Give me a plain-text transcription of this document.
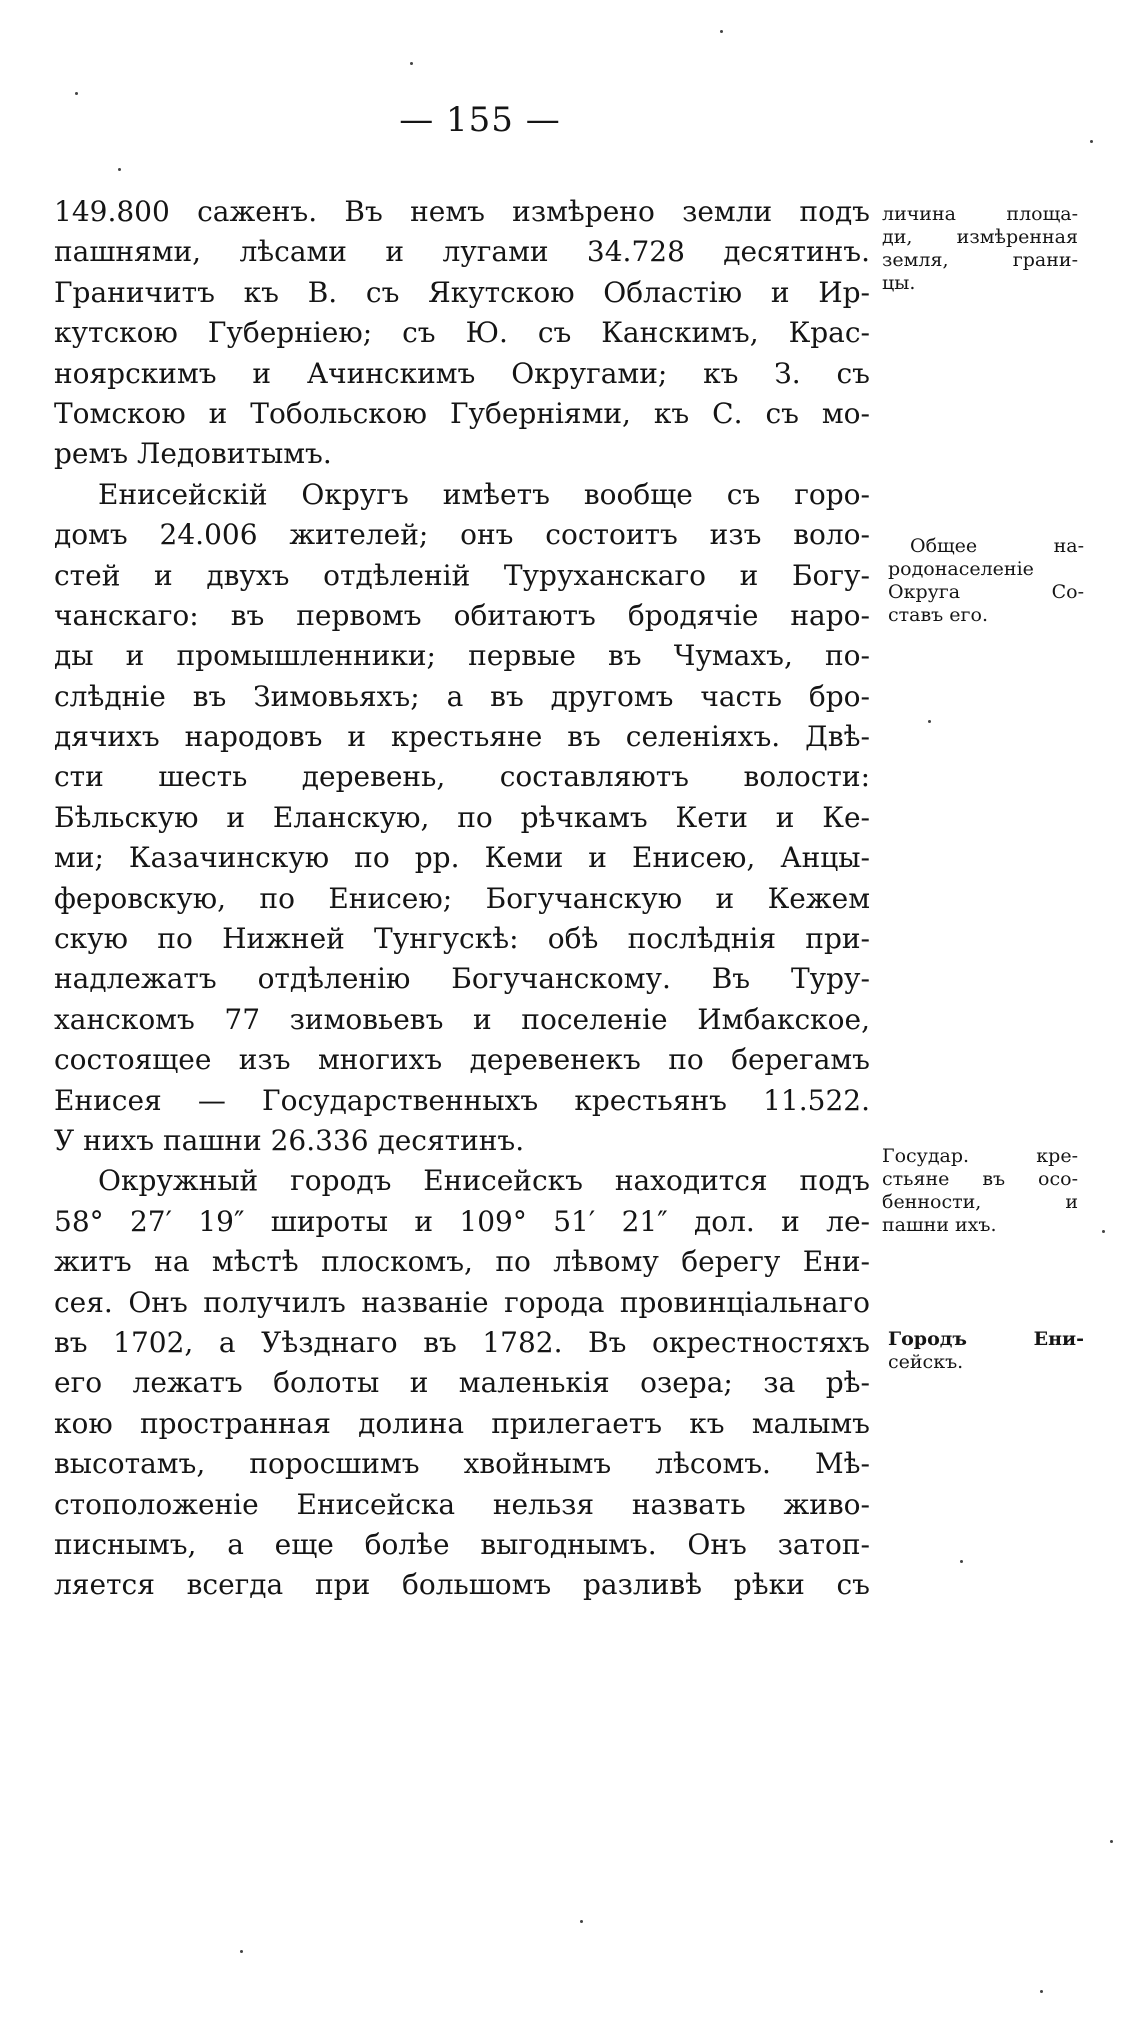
— 155 —
149.800 саженъ. Въ немъ измѣрено земли подъ
пашнями, лѣсами и лугами 34.728 десятинъ.
Граничитъ къ В. съ Якутскою Областію и Ир-
кутскою Губерніею; съ Ю. съ Канскимъ, Крас-
ноярскимъ и Ачинскимъ Округами; къ З. съ
Томскою и Тобольскою Губерніями, къ С. съ мо-
ремъ Ледовитымъ.
Енисейскій Округъ имѣетъ вообще съ горо-
домъ 24.006 жителей; онъ состоитъ изъ воло-
стей и двухъ отдѣленій Туруханскаго и Богу-
чанскаго: въ первомъ обитаютъ бродячіе наро-
ды и промышленники; первые въ Чумахъ, по-
слѣдніе въ Зимовьяхъ; а въ другомъ часть бро-
дячихъ народовъ и крестьяне въ селеніяхъ. Двѣ-
сти шесть деревень, составляютъ волости:
Бѣльскую и Еланскую, по рѣчкамъ Кети и Ке-
ми; Казачинскую по рр. Кеми и Енисею, Анцы-
феровскую, по Енисею; Богучанскую и Кежем
скую по Нижней Тунгускѣ: обѣ послѣднія при-
надлежатъ отдѣленію Богучанскому. Въ Туру-
ханскомъ 77 зимовьевъ и поселеніе Имбакское,
состоящее изъ многихъ деревенекъ по берегамъ
Енисея — Государственныхъ крестьянъ 11.522.
У нихъ пашни 26.336 десятинъ.
Окружный городъ Енисейскъ находится подъ
58° 27′ 19″ широты и 109° 51′ 21″ дол. и ле-
житъ на мѣстѣ плоскомъ, по лѣвому берегу Ени-
сея. Онъ получилъ названіе города провинціальнаго
въ 1702, а Уѣзднаго въ 1782. Въ окрестностяхъ
его лежатъ болоты и маленькія озера; за рѣ-
кою пространная долина прилегаетъ къ малымъ
высотамъ, поросшимъ хвойнымъ лѣсомъ. Мѣ-
стоположеніе Енисейска нельзя назвать живо-
писнымъ, а еще болѣе выгоднымъ. Онъ затоп-
ляется всегда при большомъ разливѣ рѣки съ
личина площа-
ди, измѣренная
земля, грани-
цы.
Общее на-
родонаселеніе
Округа Со-
ставъ его.
Государ. кре-
стьяне въ осо-
бенности, и
пашни ихъ.
Городъ Ени-
сейскъ.
